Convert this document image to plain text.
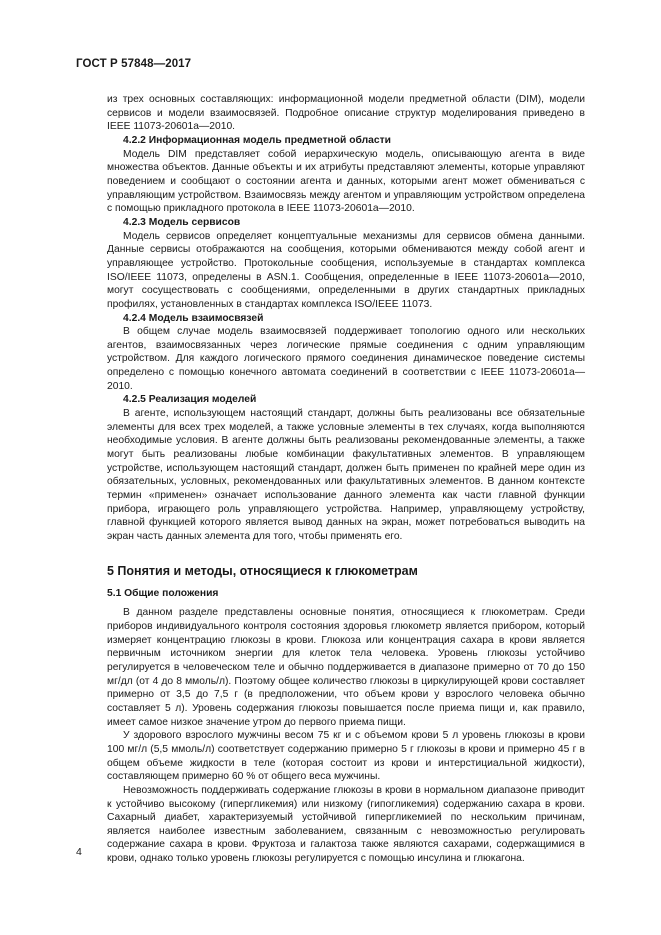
ГОСТ Р 57848—2017

из трех основных составляющих: информационной модели предметной области (DIM), модели сервисов и модели взаимосвязей. Подробное описание структур моделирования приведено в IEEE 11073-20601а—2010.

4.2.2 Информационная модель предметной области

Модель DIM представляет собой иерархическую модель, описывающую агента в виде множества объектов. Данные объекты и их атрибуты представляют элементы, которые управляют поведением и сообщают о состоянии агента и данных, которыми агент может обмениваться с управляющим устройством. Взаимосвязь между агентом и управляющим устройством определена с помощью прикладного протокола в IEEE 11073-20601а—2010.

4.2.3 Модель сервисов

Модель сервисов определяет концептуальные механизмы для сервисов обмена данными. Данные сервисы отображаются на сообщения, которыми обмениваются между собой агент и управляющее устройство. Протокольные сообщения, используемые в стандартах комплекса ISO/IEEE 11073, определены в ASN.1. Сообщения, определенные в IEEE 11073-20601а—2010, могут сосуществовать с сообщениями, определенными в других стандартных прикладных профилях, установленных в стандартах комплекса ISO/IEEE 11073.

4.2.4 Модель взаимосвязей

В общем случае модель взаимосвязей поддерживает топологию одного или нескольких агентов, взаимосвязанных через логические прямые соединения с одним управляющим устройством. Для каждого логического прямого соединения динамическое поведение системы определено с помощью конечного автомата соединений в соответствии с IEEE 11073-20601а—2010.

4.2.5 Реализация моделей

В агенте, использующем настоящий стандарт, должны быть реализованы все обязательные элементы для всех трех моделей, а также условные элементы в тех случаях, когда выполняются необходимые условия. В агенте должны быть реализованы рекомендованные элементы, а также могут быть реализованы любые комбинации факультативных элементов. В управляющем устройстве, использующем настоящий стандарт, должен быть применен по крайней мере один из обязательных, условных, рекомендованных или факультативных элементов. В данном контексте термин «применен» означает использование данного элемента как части главной функции прибора, играющего роль управляющего устройства. Например, управляющему устройству, главной функцией которого является вывод данных на экран, может потребоваться выводить на экран часть данных элемента для того, чтобы применять его.

5 Понятия и методы, относящиеся к глюкометрам
5.1 Общие положения

В данном разделе представлены основные понятия, относящиеся к глюкометрам. Среди приборов индивидуального контроля состояния здоровья глюкометр является прибором, который измеряет концентрацию глюкозы в крови. Глюкоза или концентрация сахара в крови является первичным источником энергии для клеток тела человека. Уровень глюкозы устойчиво регулируется в человеческом теле и обычно поддерживается в диапазоне примерно от 70 до 150 мг/дл (от 4 до 8 ммоль/л). Поэтому общее количество глюкозы в циркулирующей крови составляет примерно от 3,5 до 7,5 г (в предположении, что объем крови у взрослого человека обычно составляет 5 л). Уровень содержания глюкозы повышается после приема пищи и, как правило, имеет самое низкое значение утром до первого приема пищи.

У здорового взрослого мужчины весом 75 кг и с объемом крови 5 л уровень глюкозы в крови 100 мг/л (5,5 ммоль/л) соответствует содержанию примерно 5 г глюкозы в крови и примерно 45 г в общем объеме жидкости в теле (которая состоит из крови и интерстициальной жидкости), составляющем примерно 60 % от общего веса мужчины.

Невозможность поддерживать содержание глюкозы в крови в нормальном диапазоне приводит к устойчиво высокому (гипергликемия) или низкому (гипогликемия) содержанию сахара в крови. Сахарный диабет, характеризуемый устойчивой гипергликемией по нескольким причинам, является наиболее известным заболеванием, связанным с невозможностью регулировать содержание сахара в крови. Фруктоза и галактоза также являются сахарами, содержащимися в крови, однако только уровень глюкозы регулируется с помощью инсулина и глюкагона.

4
